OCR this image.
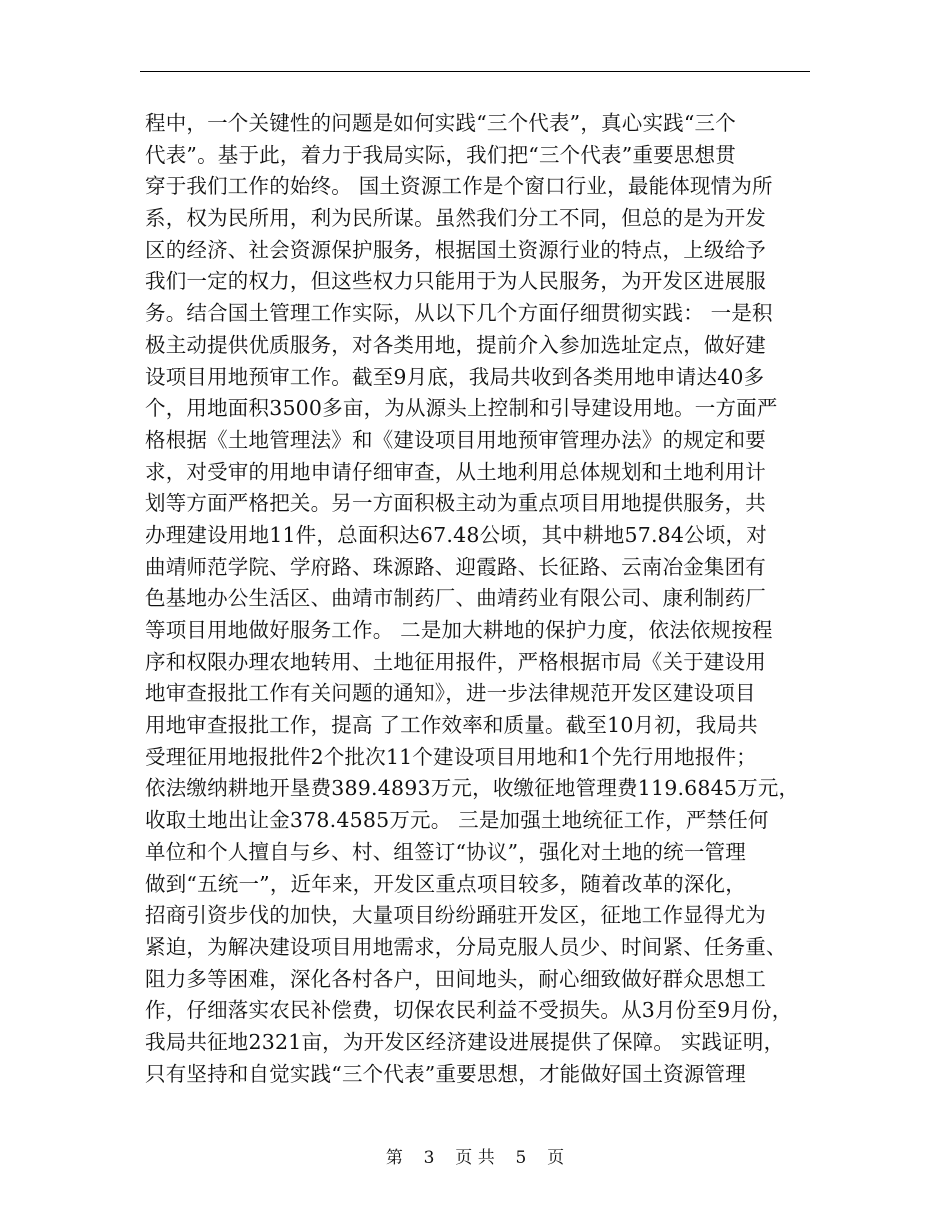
程中，一个关键性的问题是如何实践“三个代表”，真心实践“三个
代表”。基于此，着力于我局实际，我们把“三个代表”重要思想贯
穿于我们工作的始终。 国土资源工作是个窗口行业，最能体现情为所
系，权为民所用，利为民所谋。虽然我们分工不同，但总的是为开发
区的经济、社会资源保护服务，根据国土资源行业的特点，上级给予
我们一定的权力，但这些权力只能用于为人民服务，为开发区进展服
务。结合国土管理工作实际，从以下几个方面仔细贯彻实践： 一是积
极主动提供优质服务，对各类用地，提前介入参加选址定点，做好建
设项目用地预审工作。截至9月底，我局共收到各类用地申请达40多
个，用地面积3500多亩，为从源头上控制和引导建设用地。一方面严
格根据《土地管理法》和《建设项目用地预审管理办法》的规定和要
求，对受审的用地申请仔细审查，从土地利用总体规划和土地利用计
划等方面严格把关。另一方面积极主动为重点项目用地提供服务，共
办理建设用地11件，总面积达67.48公顷，其中耕地57.84公顷，对
曲靖师范学院、学府路、珠源路、迎霞路、长征路、云南冶金集团有
色基地办公生活区、曲靖市制药厂、曲靖药业有限公司、康利制药厂
等项目用地做好服务工作。 二是加大耕地的保护力度，依法依规按程
序和权限办理农地转用、土地征用报件，严格根据市局《关于建设用
地审查报批工作有关问题的通知》，进一步法律规范开发区建设项目
用地审查报批工作，提高 了工作效率和质量。截至10月初，我局共
受理征用地报批件2个批次11个建设项目用地和1个先行用地报件；
依法缴纳耕地开垦费389.4893万元，收缴征地管理费119.6845万元，
收取土地出让金378.4585万元。 三是加强土地统征工作，严禁任何
单位和个人擅自与乡、村、组签订“协议”，强化对土地的统一管理
做到“五统一”，近年来，开发区重点项目较多，随着改革的深化，
招商引资步伐的加快，大量项目纷纷踊驻开发区，征地工作显得尤为
紧迫，为解决建设项目用地需求，分局克服人员少、时间紧、任务重、
阻力多等困难，深化各村各户，田间地头，耐心细致做好群众思想工
作，仔细落实农民补偿费，切保农民利益不受损失。从3月份至9月份，
我局共征地2321亩，为开发区经济建设进展提供了保障。 实践证明，
只有坚持和自觉实践“三个代表”重要思想，才能做好国土资源管理
第 3 页 共 5 页
